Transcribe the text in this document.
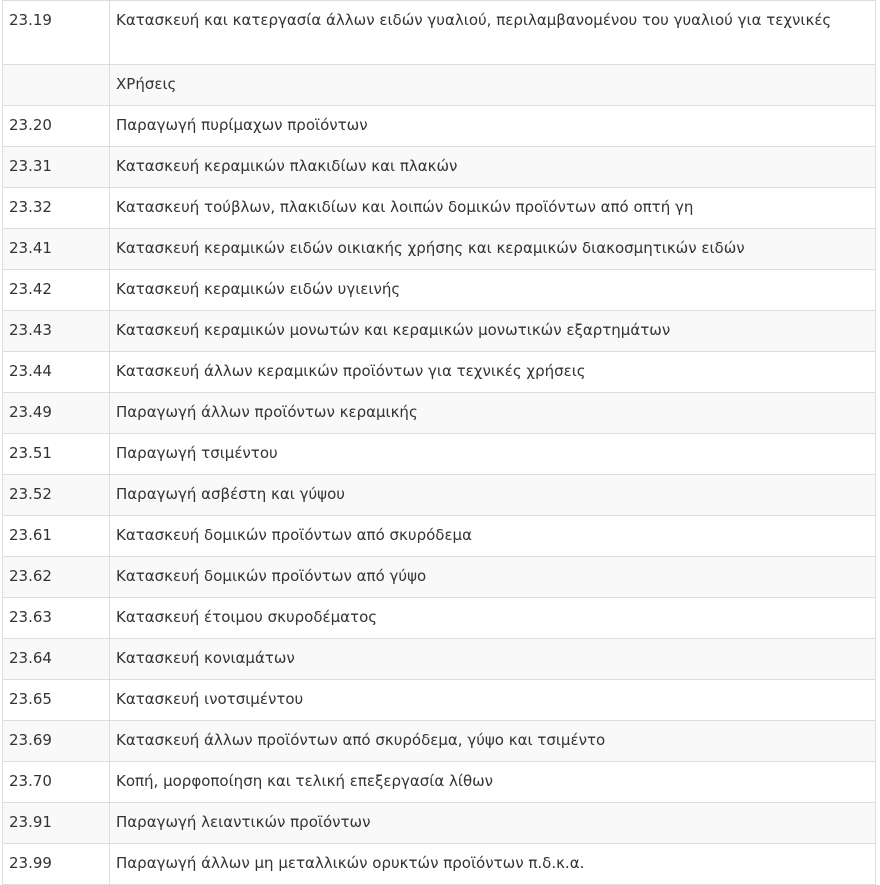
23.19	Κατασκευή και κατεργασία άλλων ειδών γυαλιού, περιλαμβανομένου του γυαλιού για τεχνικές
	ΧΡήσεις
23.20	Παραγωγή πυρίμαχων προϊόντων
23.31	Κατασκευή κεραμικών πλακιδίων και πλακών
23.32	Κατασκευή τούβλων, πλακιδίων και λοιπών δομικών προϊόντων από οπτή γη
23.41	Κατασκευή κεραμικών ειδών οικιακής χρήσης και κεραμικών διακοσμητικών ειδών
23.42	Κατασκευή κεραμικών ειδών υγιεινής
23.43	Κατασκευή κεραμικών μονωτών και κεραμικών μονωτικών εξαρτημάτων
23.44	Κατασκευή άλλων κεραμικών προϊόντων για τεχνικές χρήσεις
23.49	Παραγωγή άλλων προϊόντων κεραμικής
23.51	Παραγωγή τσιμέντου
23.52	Παραγωγή ασβέστη και γύψου
23.61	Κατασκευή δομικών προϊόντων από σκυρόδεμα
23.62	Κατασκευή δομικών προϊόντων από γύψο
23.63	Κατασκευή έτοιμου σκυροδέματος
23.64	Κατασκευή κονιαμάτων
23.65	Κατασκευή ινοτσιμέντου
23.69	Κατασκευή άλλων προϊόντων από σκυρόδεμα, γύψο και τσιμέντο
23.70	Κοπή, μορφοποίηση και τελική επεξεργασία λίθων
23.91	Παραγωγή λειαντικών προϊόντων
23.99	Παραγωγή άλλων μη μεταλλικών ορυκτών προϊόντων π.δ.κ.α.
